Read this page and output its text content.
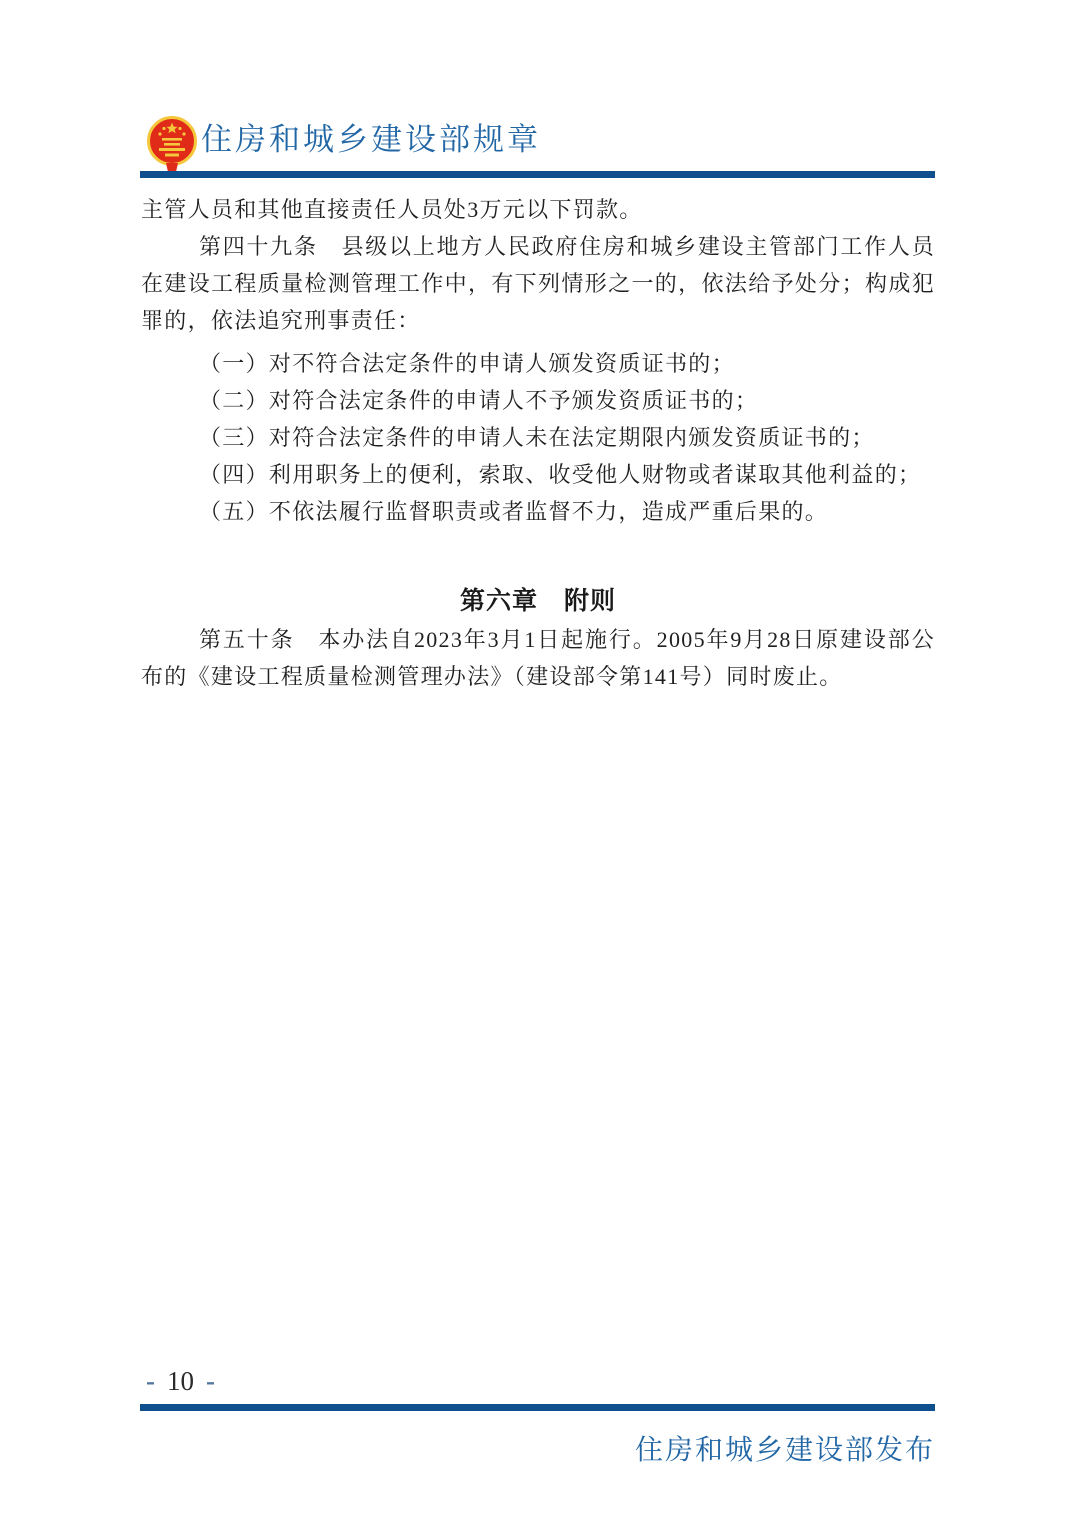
住房和城乡建设部规章

主管人员和其他直接责任人员处3万元以下罚款。

第四十九条　县级以上地方人民政府住房和城乡建设主管部门工作人员在建设工程质量检测管理工作中，有下列情形之一的，依法给予处分；构成犯罪的，依法追究刑事责任：

（一）对不符合法定条件的申请人颁发资质证书的；

（二）对符合法定条件的申请人不予颁发资质证书的；

（三）对符合法定条件的申请人未在法定期限内颁发资质证书的；

（四）利用职务上的便利，索取、收受他人财物或者谋取其他利益的；

（五）不依法履行监督职责或者监督不力，造成严重后果的。

第六章　附则

第五十条　本办法自2023年3月1日起施行。2005年9月28日原建设部公布的《建设工程质量检测管理办法》（建设部令第141号）同时废止。

- 10 -
住房和城乡建设部发布
